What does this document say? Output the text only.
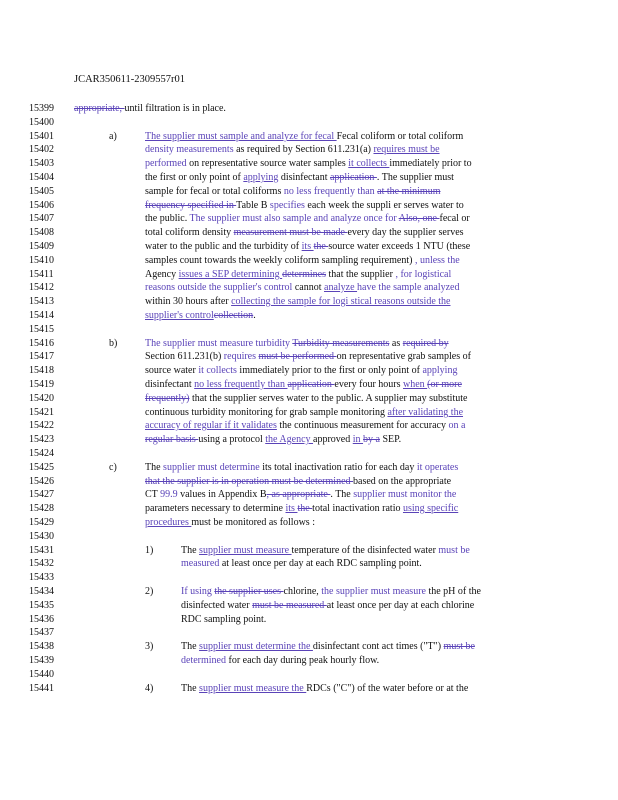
JCAR350611-2309557r01
15399 appropriate, until filtration is in place.
15400
15401	a)	The supplier must sample and analyze for fecal Fecal coliform or total coliform
15402	density measurements as required by Section 611.231(a) requires must be
15403	performed on representative source water samples it collects immediately prior to
15404	the first or only point of applying disinfectant application . The supplier must
15405	sample for fecal or total coliforms no less frequently than at the minimum
15406	frequency specified in Table B specifies each week the suppli er serves water to
15407	the public. The supplier must also sample and analyze once for Also, one fecal or
15408	total coliform density measurement must be made every day the supplier serves
15409	water to the public and the turbidity of its the source water exceeds 1 NTU (these
15410	samples count towards the weekly coliform sampling requirement) , unless the
15411	Agency issues a SEP determining determines that the supplier , for logistical
15412	reasons outside the supplier's control cannot analyze have the sample analyzed
15413	within 30 hours after collecting the sample for logi stical reasons outside the
15414	supplier's controlcollection.
15415
15416	b)	The supplier must measure turbidity Turbidity measurements as required by
15417	Section 611.231(b) requires must be performed on representative grab samples of
15418	source water it collects immediately prior to the first or only point of applying
15419	disinfectant no less frequently than application every four hours when (or more
15420	frequently) that the supplier serves water to the public. A supplier may substitute
15421	continuous turbidity monitoring for grab sample monitoring after validating the
15422	accuracy of regular if it validates the continuous measurement for accuracy on a
15423	regular basis using a protocol the Agency approved in by a SEP.
15424
15425	c)	The supplier must determine its total inactivation ratio for each day it operates
15426	that the supplier is in operation must be determined based on the appropriate
15427	CT 99.9 values in Appendix B, as appropriate . The supplier must monitor the
15428	parameters necessary to determine its the total inactivation ratio using specific
15429	procedures must be monitored as follows :
15430
15431	1)	The supplier must measure temperature of the disinfected water must be
15432	measured at least once per day at each RDC sampling point.
15433
15434	2)	If using the supplier uses chlorine, the supplier must measure the pH of the
15435	disinfected water must be measured at least once per day at each chlorine
15436	RDC sampling point.
15437
15438	3)	The supplier must determine the disinfectant cont act times ("T") must be
15439	determined for each day during peak hourly flow.
15440
15441	4)	The supplier must measure the RDCs ("C") of the water before or at the
